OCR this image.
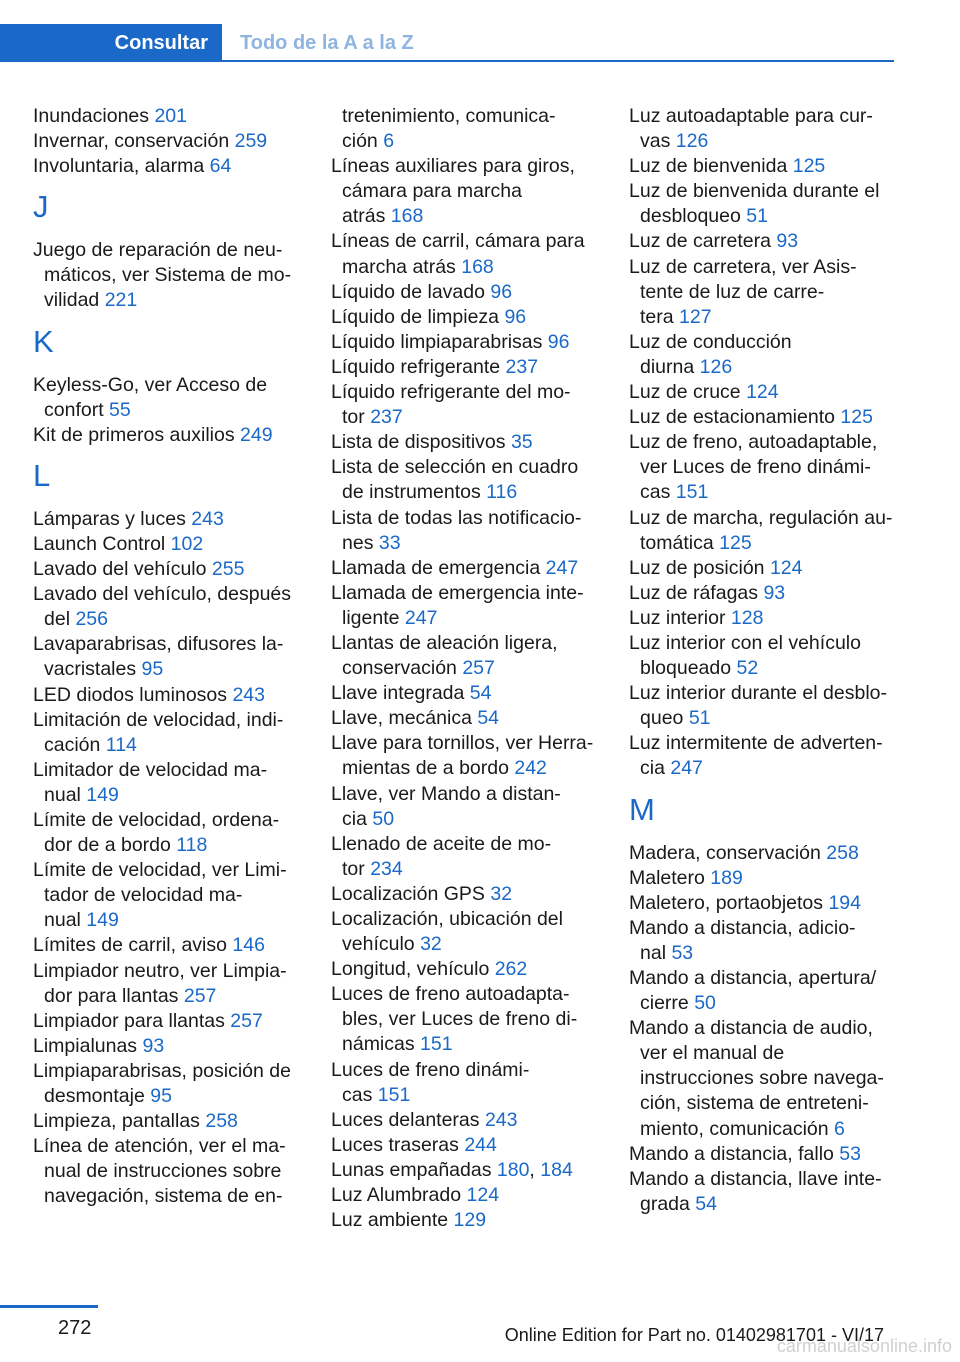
Consultar	Todo de la A a la Z

Inundaciones 201

Invernar, conservación 259

Involuntaria, alarma 64

J

Juego de reparación de neu-

máticos, ver Sistema de mo-

vilidad 221

K

Keyless-Go, ver Acceso de

confort 55

Kit de primeros auxilios 249

L

Lámparas y luces 243

Launch Control 102

Lavado del vehículo 255

Lavado del vehículo, después

del 256

Lavaparabrisas, difusores la-

vacristales 95

LED diodos luminosos 243

Limitación de velocidad, indi-

cación 114

Limitador de velocidad ma-

nual 149

Límite de velocidad, ordena-

dor de a bordo 118

Límite de velocidad, ver Limi-

tador de velocidad ma-

nual 149

Límites de carril, aviso 146

Limpiador neutro, ver Limpia-

dor para llantas 257

Limpiador para llantas 257

Limpialunas 93

Limpiaparabrisas, posición de

desmontaje 95

Limpieza, pantallas 258

Línea de atención, ver el ma-

nual de instrucciones sobre

navegación, sistema de en-

tretenimiento, comunica-

ción 6

Líneas auxiliares para giros,

cámara para marcha

atrás 168

Líneas de carril, cámara para

marcha atrás 168

Líquido de lavado 96

Líquido de limpieza 96

Líquido limpiaparabrisas 96

Líquido refrigerante 237

Líquido refrigerante del mo-

tor 237

Lista de dispositivos 35

Lista de selección en cuadro

de instrumentos 116

Lista de todas las notificacio-

nes 33

Llamada de emergencia 247

Llamada de emergencia inte-

ligente 247

Llantas de aleación ligera,

conservación 257

Llave integrada 54

Llave, mecánica 54

Llave para tornillos, ver Herra-

mientas de a bordo 242

Llave, ver Mando a distan-

cia 50

Llenado de aceite de mo-

tor 234

Localización GPS 32

Localización, ubicación del

vehículo 32

Longitud, vehículo 262

Luces de freno autoadapta-

bles, ver Luces de freno di-

námicas 151

Luces de freno dinámi-

cas 151

Luces delanteras 243

Luces traseras 244

Lunas empañadas 180, 184

Luz Alumbrado 124

Luz ambiente 129

Luz autoadaptable para cur-

vas 126

Luz de bienvenida 125

Luz de bienvenida durante el

desbloqueo 51

Luz de carretera 93

Luz de carretera, ver Asis-

tente de luz de carre-

tera 127

Luz de conducción

diurna 126

Luz de cruce 124

Luz de estacionamiento 125

Luz de freno, autoadaptable,

ver Luces de freno dinámi-

cas 151

Luz de marcha, regulación au-

tomática 125

Luz de posición 124

Luz de ráfagas 93

Luz interior 128

Luz interior con el vehículo

bloqueado 52

Luz interior durante el desblo-

queo 51

Luz intermitente de adverten-

cia 247

M

Madera, conservación 258

Maletero 189

Maletero, portaobjetos 194

Mando a distancia, adicio-

nal 53

Mando a distancia, apertura/

cierre 50

Mando a distancia de audio,

ver el manual de

instrucciones sobre navega-

ción, sistema de entreteni-

miento, comunicación 6

Mando a distancia, fallo 53

Mando a distancia, llave inte-

grada 54

272	Online Edition for Part no. 01402981701 - VI/17
carmanualsonline.info
